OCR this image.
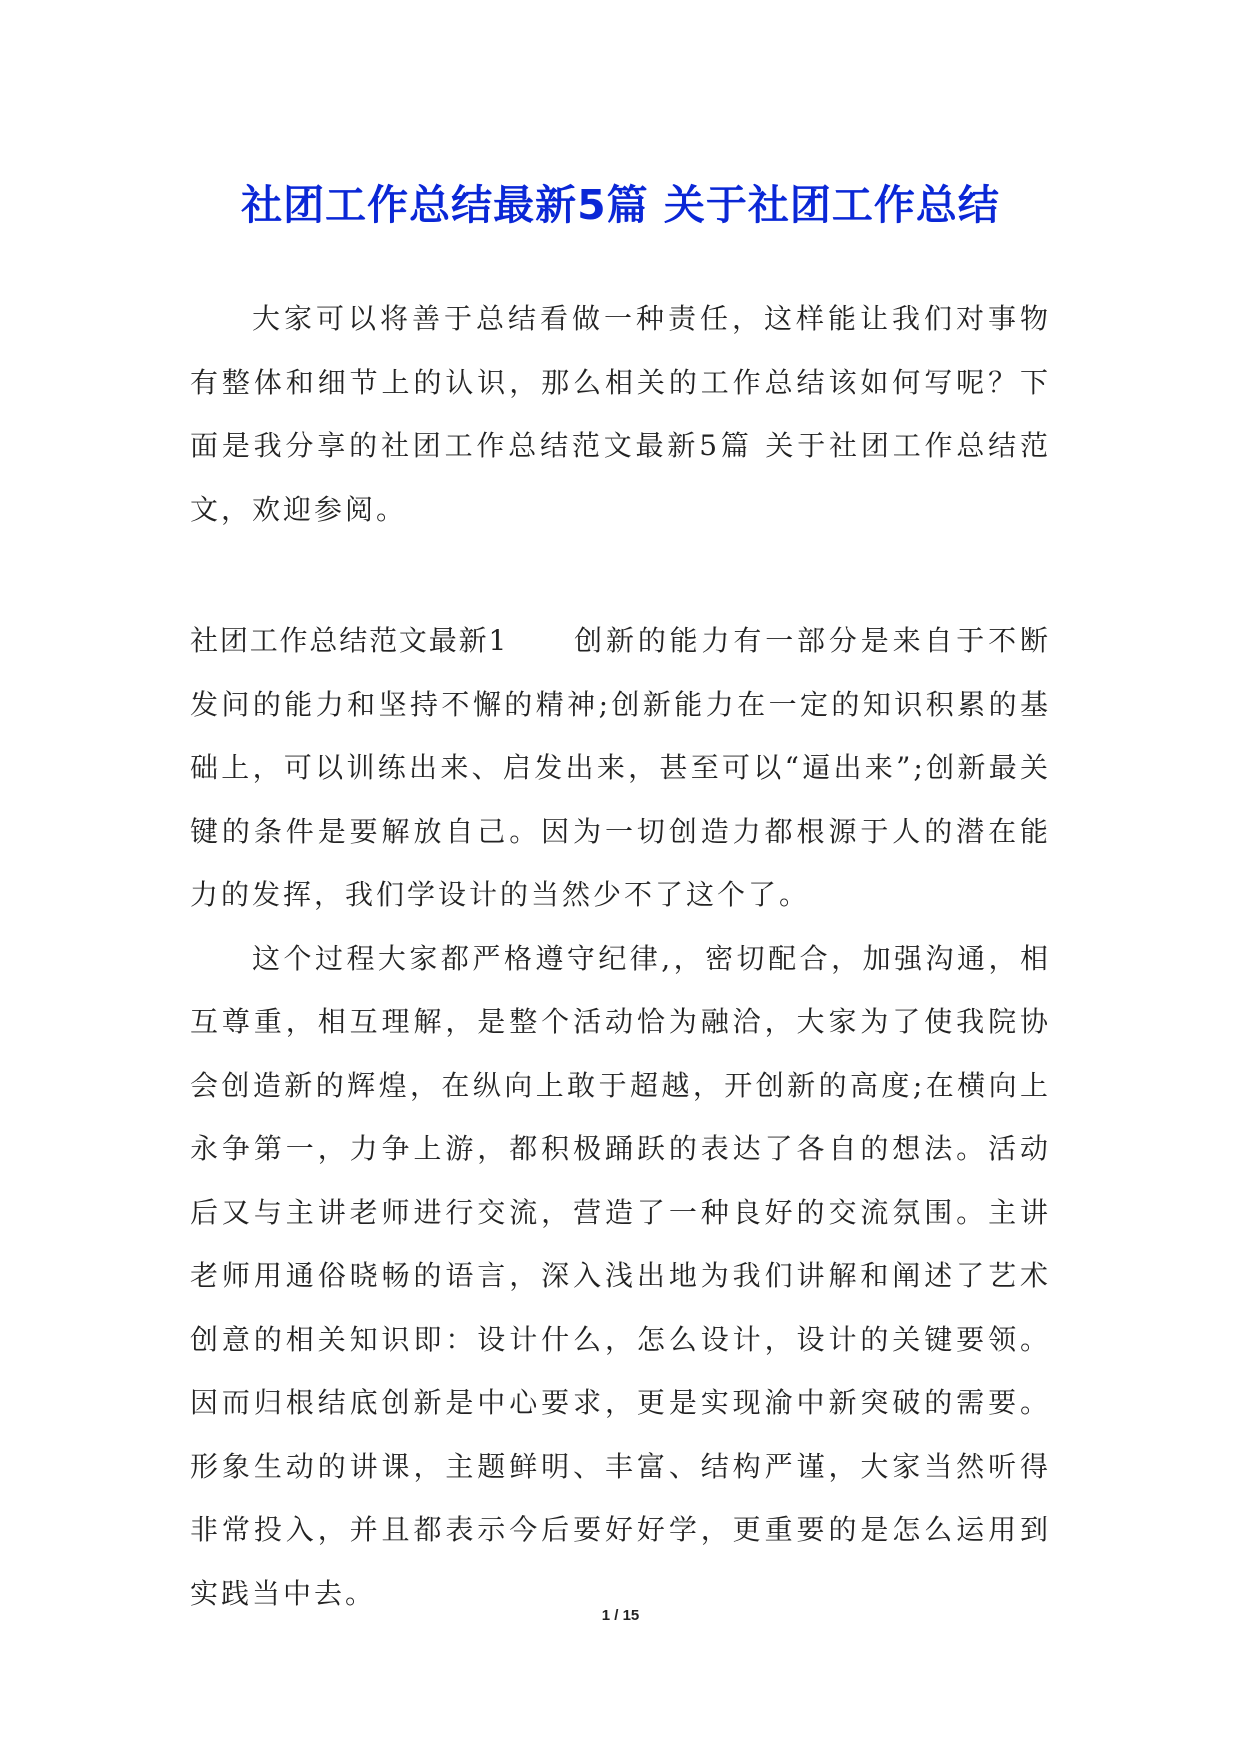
社团工作总结最新5篇 关于社团工作总结

大家可以将善于总结看做一种责任，这样能让我们对事物有整体和细节上的认识，那么相关的工作总结该如何写呢？下面是我分享的社团工作总结范文最新5篇 关于社团工作总结范文，欢迎参阅。

社团工作总结范文最新1 创新的能力有一部分是来自于不断发问的能力和坚持不懈的精神;创新能力在一定的知识积累的基础上，可以训练出来、启发出来，甚至可以“逼出来”;创新最关键的条件是要解放自己。因为一切创造力都根源于人的潜在能力的发挥，我们学设计的当然少不了这个了。

这个过程大家都严格遵守纪律,，密切配合，加强沟通，相互尊重，相互理解，是整个活动恰为融洽，大家为了使我院协会创造新的辉煌，在纵向上敢于超越，开创新的高度;在横向上永争第一，力争上游，都积极踊跃的表达了各自的想法。活动后又与主讲老师进行交流，营造了一种良好的交流氛围。主讲老师用通俗晓畅的语言，深入浅出地为我们讲解和阐述了艺术创意的相关知识即：设计什么，怎么设计，设计的关键要领。因而归根结底创新是中心要求，更是实现渝中新突破的需要。形象生动的讲课，主题鲜明、丰富、结构严谨，大家当然听得非常投入，并且都表示今后要好好学，更重要的是怎么运用到实践当中去。

1 / 15
